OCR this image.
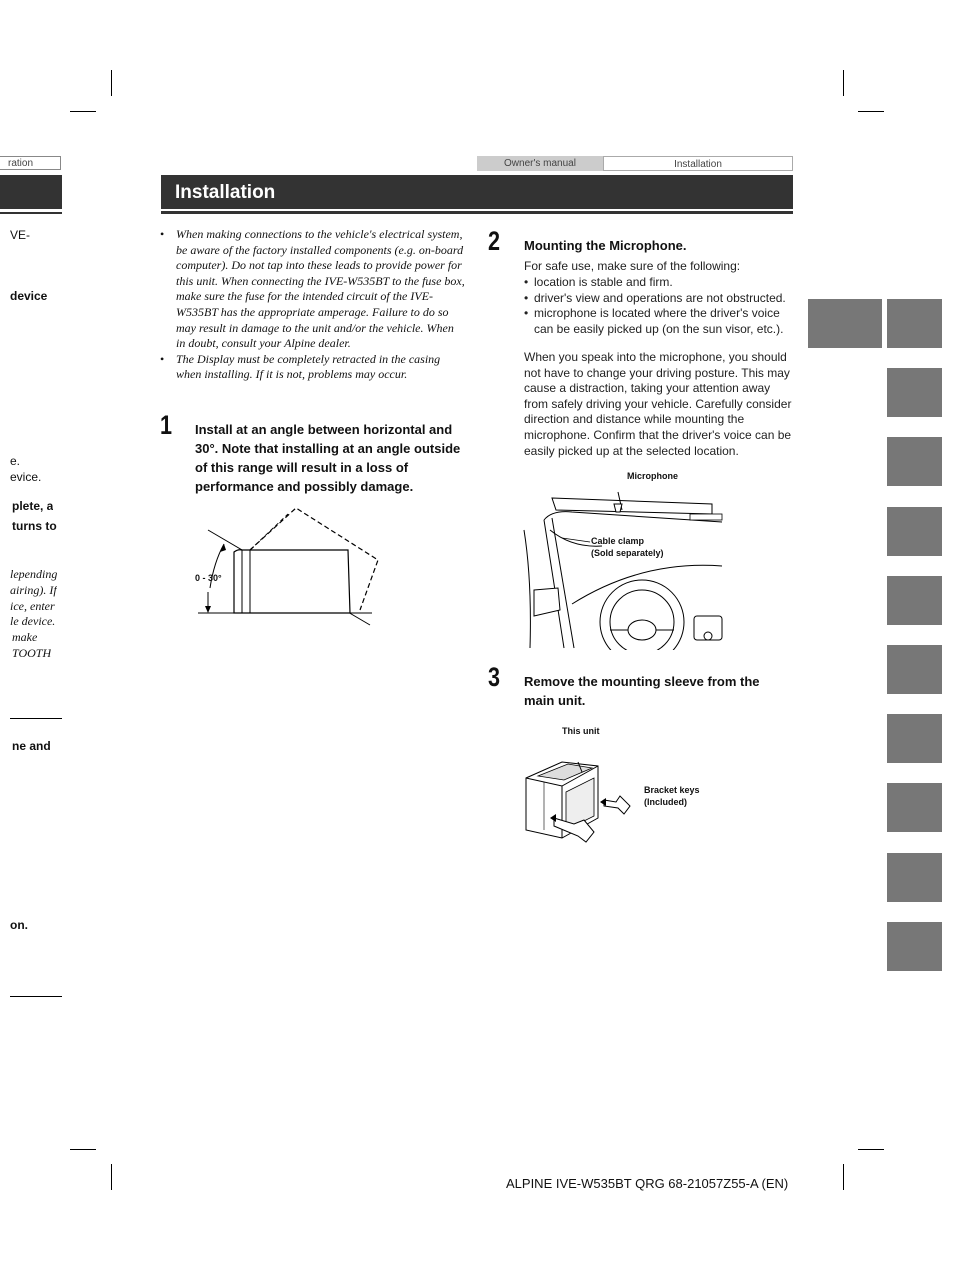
ration
VE-
device
e.
evice.
plete, a
turns to
lepending
airing). If
ice, enter
le device.
make
TOOTH
ne and
on.
Owner's manual	Installation
Installation
• When making connections to the vehicle's electrical system, be aware of the factory installed components (e.g. on-board computer). Do not tap into these leads to provide power for this unit. When connecting the IVE-W535BT to the fuse box, make sure the fuse for the intended circuit of the IVE-W535BT has the appropriate amperage. Failure to do so may result in damage to the unit and/or the vehicle. When in doubt, consult your Alpine dealer.
• The Display must be completely retracted in the casing when installing. If it is not, problems may occur.
1 Install at an angle between horizontal and 30°. Note that installing at an angle outside of this range will result in a loss of performance and possibly damage.
0 - 30°
2 Mounting the Microphone.
For safe use, make sure of the following:
• location is stable and firm.
• driver's view and operations are not obstructed.
• microphone is located where the driver's voice can be easily picked up (on the sun visor, etc.).
When you speak into the microphone, you should not have to change your driving posture. This may cause a distraction, taking your attention away from safely driving your vehicle. Carefully consider direction and distance while mounting the microphone. Confirm that the driver's voice can be easily picked up at the selected location.
Microphone
Cable clamp
(Sold separately)
3 Remove the mounting sleeve from the main unit.
This unit
Bracket keys
(Included)
ALPINE IVE-W535BT QRG 68-21057Z55-A (EN)
